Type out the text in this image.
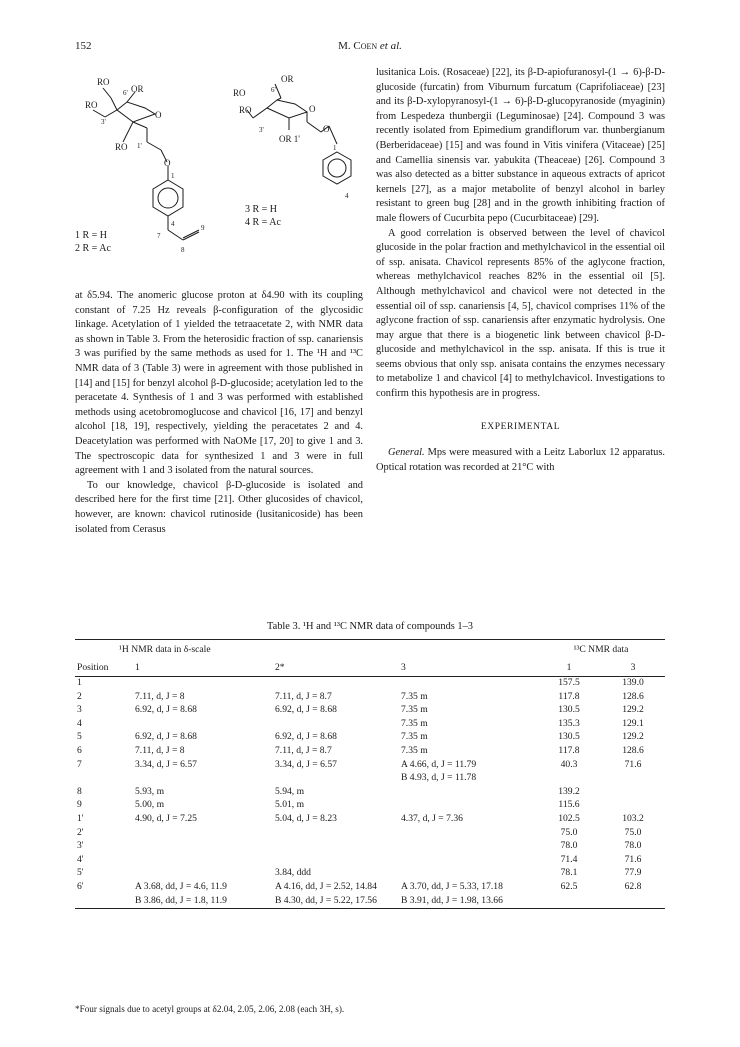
152	M. Coen et al.
RO
OR
6'
RO
RO
3'
1'
O
O
1
4
7
8
9
1 R = H
2 R = Ac
OR
RO	6'
RO
3'
OR 1'
O
O
1
4
3 R = H
4 R = Ac

at δ5.94. The anomeric glucose proton at δ4.90 with its coupling constant of 7.25 Hz reveals β-configuration of the glycosidic linkage. Acetylation of 1 yielded the tetraacetate 2, with NMR data as shown in Table 3. From the heterosidic fraction of ssp. canariensis 3 was purified by the same methods as used for 1. The ¹H and ¹³C NMR data of 3 (Table 3) were in agreement with those published in [14] and [15] for benzyl alcohol β-D-glucoside; acetylation led to the peracetate 4. Synthesis of 1 and 3 was performed with established methods using acetobromoglucose and chavicol [16, 17] and benzyl alcohol [18, 19], respectively, yielding the peracetates 2 and 4. Deacetylation was performed with NaOMe [17, 20] to give 1 and 3. The spectroscopic data for synthesized 1 and 3 were in full agreement with 1 and 3 isolated from the natural sources.

To our knowledge, chavicol β-D-glucoside is isolated and described here for the first time [21]. Other glucosides of chavicol, however, are known: chavicol rutinoside (lusitanicoside) has been isolated from Cerasus

lusitanica Lois. (Rosaceae) [22], its β-D-apiofuranosyl-(1 → 6)-β-D-glucoside (furcatin) from Viburnum furcatum (Caprifoliaceae) [23] and its β-D-xylopyranosyl-(1 → 6)-β-D-glucopyranoside (myaginin) from Lespedeza thunbergii (Leguminosae) [24]. Compound 3 was recently isolated from Epimedium grandiflorum var. thunbergianum (Berberidaceae) [15] and was found in Vitis vinifera (Vitaceae) [25] and Camellia sinensis var. yabukita (Theaceae) [26]. Compound 3 was also detected as a bitter substance in aqueous extracts of apricot kernels [27], as a major metabolite of benzyl alcohol in barley resistant to green bug [28] and in the growth inhibiting fraction of male flowers of Cucurbita pepo (Cucurbitaceae) [29].

A good correlation is observed between the level of chavicol glucoside in the polar fraction and methylchavicol in the essential oil of ssp. anisata. Chavicol represents 85% of the aglycone fraction, whereas methylchavicol reaches 82% in the essential oil [5]. Although methylchavicol and chavicol were not detected in the essential oil of ssp. canariensis [4, 5], chavicol comprises 11% of the aglycone fraction of ssp. canariensis after enzymatic hydrolysis. One may argue that there is a biogenetic link between chavicol β-D-glucoside and methylchavicol in the ssp. anisata. If this is true it seems obvious that only ssp. anisata contains the enzymes necessary to metabolize 1 and chavicol [4] to methylchavicol. Investigations to confirm this hypothesis are in progress.

EXPERIMENTAL

General. Mps were measured with a Leitz Laborlux 12 apparatus. Optical rotation was recorded at 21°C with

Table 3. ¹H and ¹³C NMR data of compounds 1–3
¹H NMR data in δ-scale				¹³C NMR data	
Position	1	2*	3	1	3
1				157.5	139.0
2	7.11, d, J = 8	7.11, d, J = 8.7	7.35 m	117.8	128.6
3	6.92, d, J = 8.68	6.92, d, J = 8.68	7.35 m	130.5	129.2
4			7.35 m	135.3	129.1
5	6.92, d, J = 8.68	6.92, d, J = 8.68	7.35 m	130.5	129.2
6	7.11, d, J = 8	7.11, d, J = 8.7	7.35 m	117.8	128.6
7	3.34, d, J = 6.57	3.34, d, J = 6.57	A 4.66, d, J = 11.79	40.3	71.6
			B 4.93, d, J = 11.78		
8	5.93, m	5.94, m		139.2	
9	5.00, m	5.01, m		115.6	
1'	4.90, d, J = 7.25	5.04, d, J = 8.23	4.37, d, J = 7.36	102.5	103.2
2'				75.0	75.0
3'				78.0	78.0
4'				71.4	71.6
5'		3.84, ddd		78.1	77.9
6'	A 3.68, dd, J = 4.6, 11.9	A 4.16, dd, J = 2.52, 14.84	A 3.70, dd, J = 5.33, 17.18	62.5	62.8
	B 3.86, dd, J = 1.8, 11.9	B 4.30, dd, J = 5.22, 17.56	B 3.91, dd, J = 1.98, 13.66		
*Four signals due to acetyl groups at δ2.04, 2.05, 2.06, 2.08 (each 3H, s).
